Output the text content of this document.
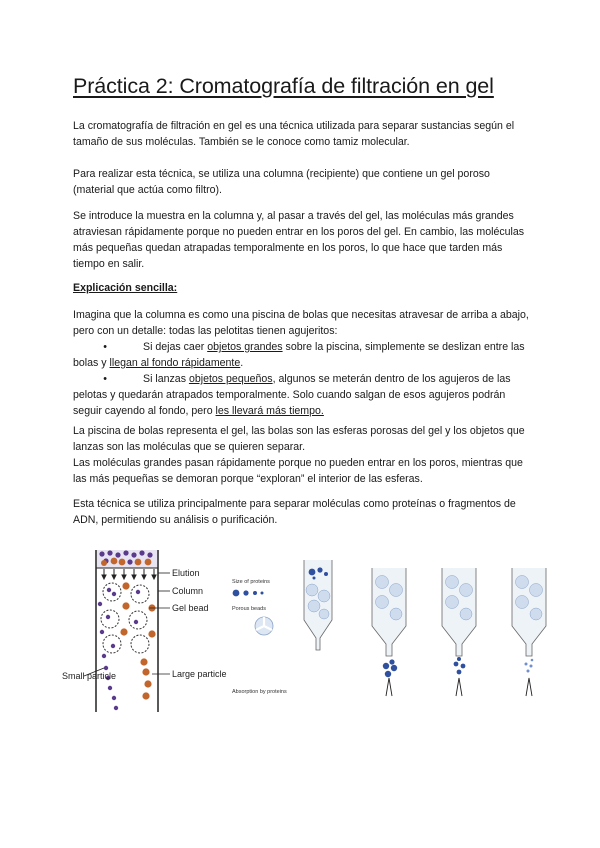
Práctica 2: Cromatografía de filtración en gel

La cromatografía de filtración en gel es una técnica utilizada para separar sustancias según el tamaño de sus moléculas. También se le conoce como tamiz molecular.

Para realizar esta técnica, se utiliza una columna (recipiente) que contiene un gel poroso (material que actúa como filtro).

Se introduce la muestra en la columna y, al pasar a través del gel, las moléculas más grandes atraviesan rápidamente porque no pueden entrar en los poros del gel. En cambio, las moléculas más pequeñas quedan atrapadas temporalmente en los poros, lo que hace que tarden más tiempo en salir.

Explicación sencilla:

Imagina que la columna es como una piscina de bolas que necesitas atravesar de arriba a abajo, pero con un detalle: todas las pelotitas tienen agujeritos:

•	Si dejas caer objetos grandes sobre la piscina, simplemente se deslizan entre las bolas y llegan al fondo rápidamente.
•	Si lanzas objetos pequeños, algunos se meterán dentro de los agujeros de las pelotas y quedarán atrapados temporalmente. Solo cuando salgan de esos agujeros podrán seguir cayendo al fondo, pero les llevará más tiempo.
La piscina de bolas representa el gel, las bolas son las esferas porosas del gel y los objetos que lanzas son las moléculas que se quieren separar.
Las moléculas grandes pasan rápidamente porque no pueden entrar en los poros, mientras que las más pequeñas se demoran porque “exploran” el interior de las esferas.

Esta técnica se utiliza principalmente para separar moléculas como proteínas o fragmentos de ADN, permitiendo su análisis o purificación.

Elution
Column
Gel bead
Large particle
Small particle
Size of proteins
Porous beads
Absorption by proteins
